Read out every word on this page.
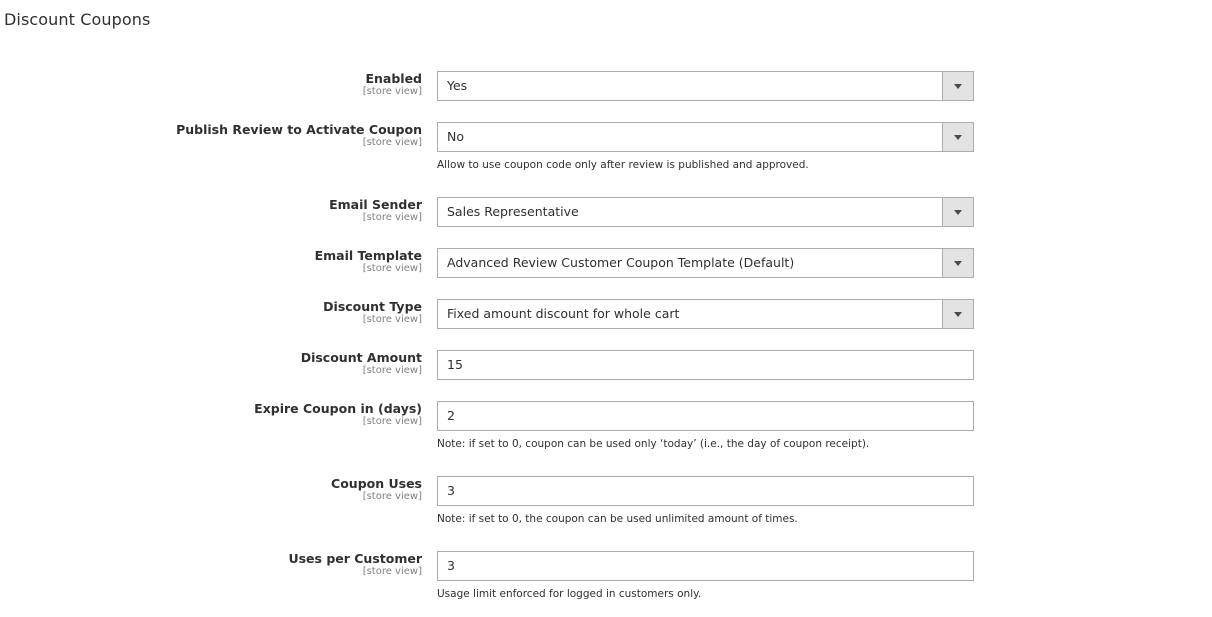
Discount Coupons
Enabled
[store view] Yes
Publish Review to Activate Coupon
[store view] No
Allow to use coupon code only after review is published and approved.
Email Sender
[store view] Sales Representative
Email Template
[store view] Advanced Review Customer Coupon Template (Default)
Discount Type
[store view] Fixed amount discount for whole cart
Discount Amount
[store view] 15
Expire Coupon in (days)
[store view] 2
Note: if set to 0, coupon can be used only ‘today’ (i.e., the day of coupon receipt).
Coupon Uses
[store view] 3
Note: if set to 0, the coupon can be used unlimited amount of times.
Uses per Customer
[store view] 3
Usage limit enforced for logged in customers only.
